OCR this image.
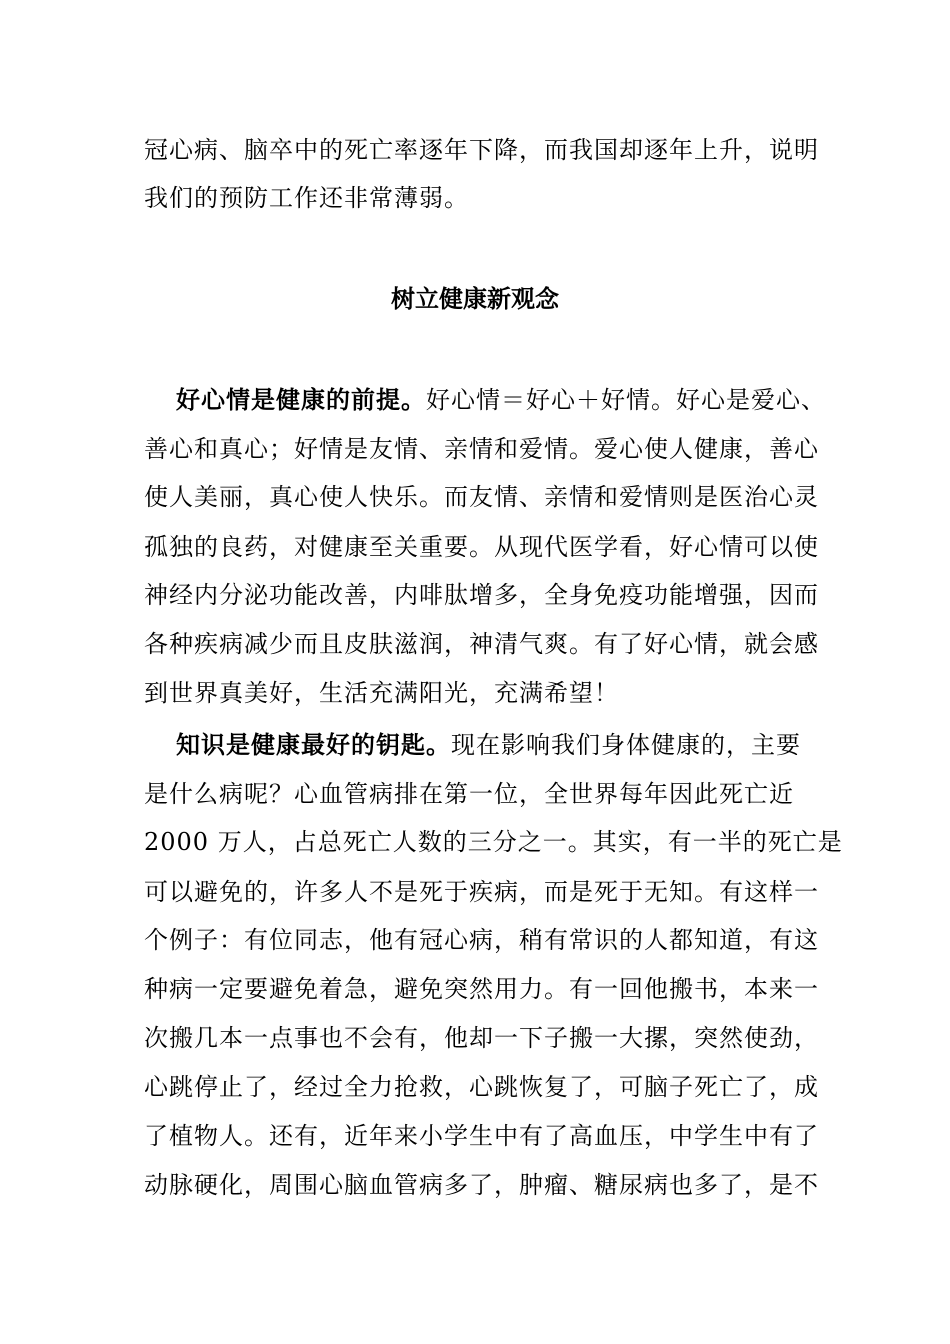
冠心病、脑卒中的死亡率逐年下降，而我国却逐年上升，说明
我们的预防工作还非常薄弱。
树立健康新观念
好心情是健康的前提。好心情＝好心＋好情。好心是爱心、
善心和真心；好情是友情、亲情和爱情。爱心使人健康，善心
使人美丽，真心使人快乐。而友情、亲情和爱情则是医治心灵
孤独的良药，对健康至关重要。从现代医学看，好心情可以使
神经内分泌功能改善，内啡肽增多，全身免疫功能增强，因而
各种疾病减少而且皮肤滋润，神清气爽。有了好心情，就会感
到世界真美好，生活充满阳光，充满希望！
知识是健康最好的钥匙。现在影响我们身体健康的，主要
是什么病呢？心血管病排在第一位，全世界每年因此死亡近
2000 万人，占总死亡人数的三分之一。其实，有一半的死亡是
可以避免的，许多人不是死于疾病，而是死于无知。有这样一
个例子：有位同志，他有冠心病，稍有常识的人都知道，有这
种病一定要避免着急，避免突然用力。有一回他搬书，本来一
次搬几本一点事也不会有，他却一下子搬一大摞，突然使劲，
心跳停止了，经过全力抢救，心跳恢复了，可脑子死亡了，成
了植物人。还有，近年来小学生中有了高血压，中学生中有了
动脉硬化，周围心脑血管病多了，肿瘤、糖尿病也多了，是不
